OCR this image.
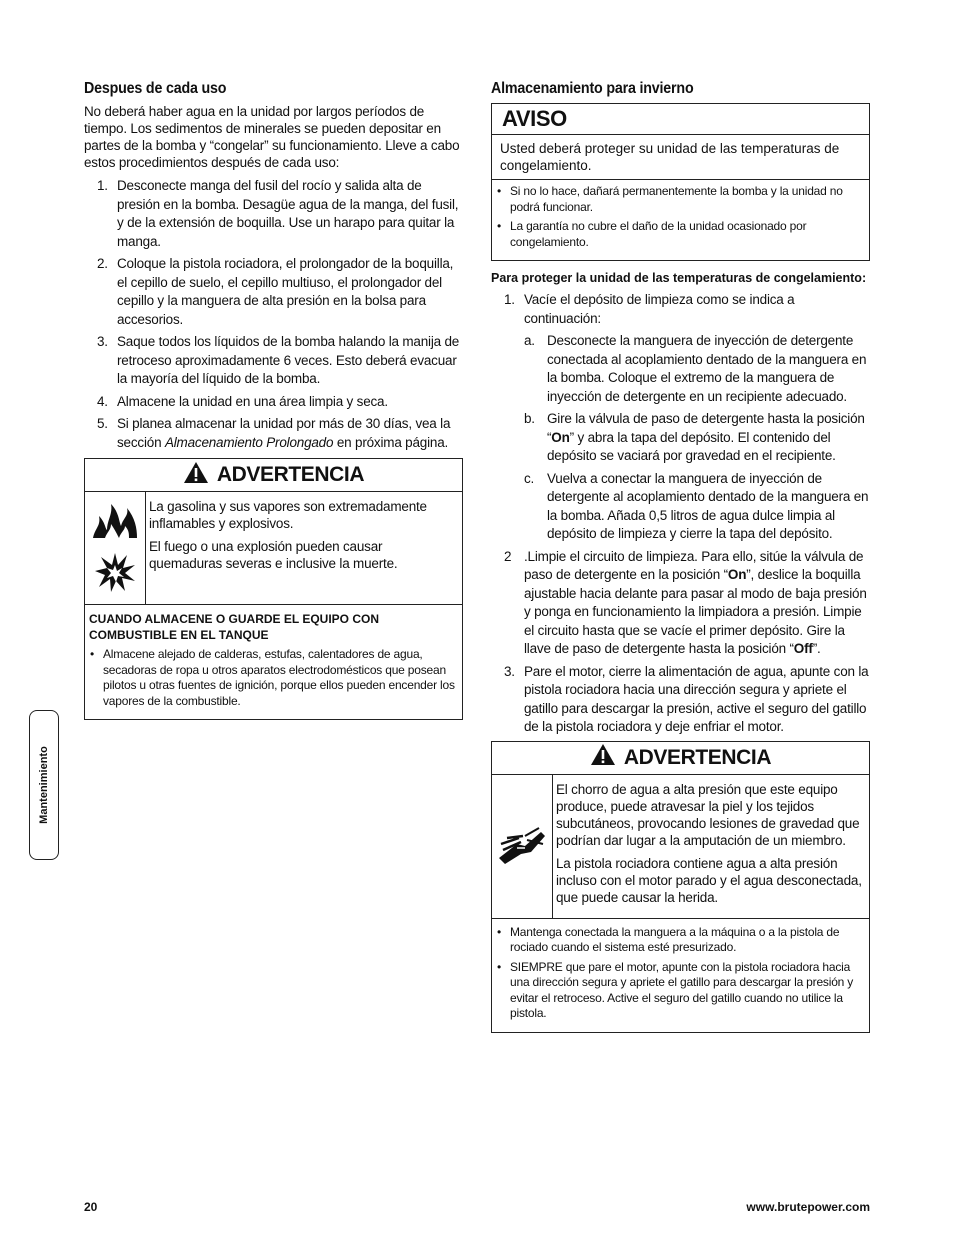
Despues de cada uso

No deberá haber agua en la unidad por largos períodos de tiempo. Los sedimentos de minerales se pueden depositar en partes de la bomba y “congelar” su funcionamiento. Lleve a cabo estos procedimientos después de cada uso:

1. Desconecte manga del fusil del rocío y salida alta de presión en la bomba. Desagüe agua de la manga, del fusil, y de la extensión de boquilla. Use un harapo para quitar la manga.
2. Coloque la pistola rociadora, el prolongador de la boquilla, el cepillo de suelo, el cepillo multiuso, el prolongador del cepillo y la manguera de alta presión en la bolsa para accesorios.
3. Saque todos los líquidos de la bomba halando la manija de retroceso aproximadamente 6 veces. Esto deberá evacuar la mayoría del líquido de la bomba.
4. Almacene la unidad en una área limpia y seca.
5. Si planea almacenar la unidad por más de 30 días, vea la sección Almacenamiento Prolongado en próxima página.
ADVERTENCIA

La gasolina y sus vapores son extremadamente inflamables y explosivos.

El fuego o una explosión pueden causar quemaduras severas e inclusive la muerte.

CUANDO ALMACENE O GUARDE EL EQUIPO CON COMBUSTIBLE EN EL TANQUE
• Almacene alejado de calderas, estufas, calentadores de agua, secadoras de ropa u otros aparatos electrodomésticos que posean pilotos u otras fuentes de ignición, porque ellos pueden encender los vapores de la combustible.
Almacenamiento para invierno
AVISO
Usted deberá proteger su unidad de las temperaturas de congelamiento.
• Si no lo hace, dañará permanentemente la bomba y la unidad no podrá funcionar.
• La garantía no cubre el daño de la unidad ocasionado por congelamiento.
Para proteger la unidad de las temperaturas de congelamiento:
1. Vacíe el depósito de limpieza como se indica a continuación:
a. Desconecte la manguera de inyección de detergente conectada al acoplamiento dentado de la manguera en la bomba. Coloque el extremo de la manguera de inyección de detergente en un recipiente adecuado.
b. Gire la válvula de paso de detergente hasta la posición “On” y abra la tapa del depósito. El contenido del depósito se vaciará por gravedad en el recipiente.
c. Vuelva a conectar la manguera de inyección de detergente al acoplamiento dentado de la manguera en la bomba. Añada 0,5 litros de agua dulce limpia al depósito de limpieza y cierre la tapa del depósito.
2 .Limpie el circuito de limpieza. Para ello, sitúe la válvula de paso de detergente en la posición “On”, deslice la boquilla ajustable hacia delante para pasar al modo de baja presión y ponga en funcionamiento la limpiadora a presión. Limpie el circuito hasta que se vacíe el primer depósito. Gire la llave de paso de detergente hasta la posición “Off”.
3. Pare el motor, cierre la alimentación de agua, apunte con la pistola rociadora hacia una dirección segura y apriete el gatillo para descargar la presión, active el seguro del gatillo de la pistola rociadora y deje enfriar el motor.
ADVERTENCIA

El chorro de agua a alta presión que este equipo produce, puede atravesar la piel y los tejidos subcutáneos, provocando lesiones de gravedad que podrían dar lugar a la amputación de un miembro.

La pistola rociadora contiene agua a alta presión incluso con el motor parado y el agua desconectada, que puede causar la herida.

• Mantenga conectada la manguera a la máquina o a la pistola de rociado cuando el sistema esté presurizado.
• SIEMPRE que pare el motor, apunte con la pistola rociadora hacia una dirección segura y apriete el gatillo para descargar la presión y evitar el retroceso. Active el seguro del gatillo cuando no utilice la pistola.
Mantenimiento
20	www.brutepower.com
